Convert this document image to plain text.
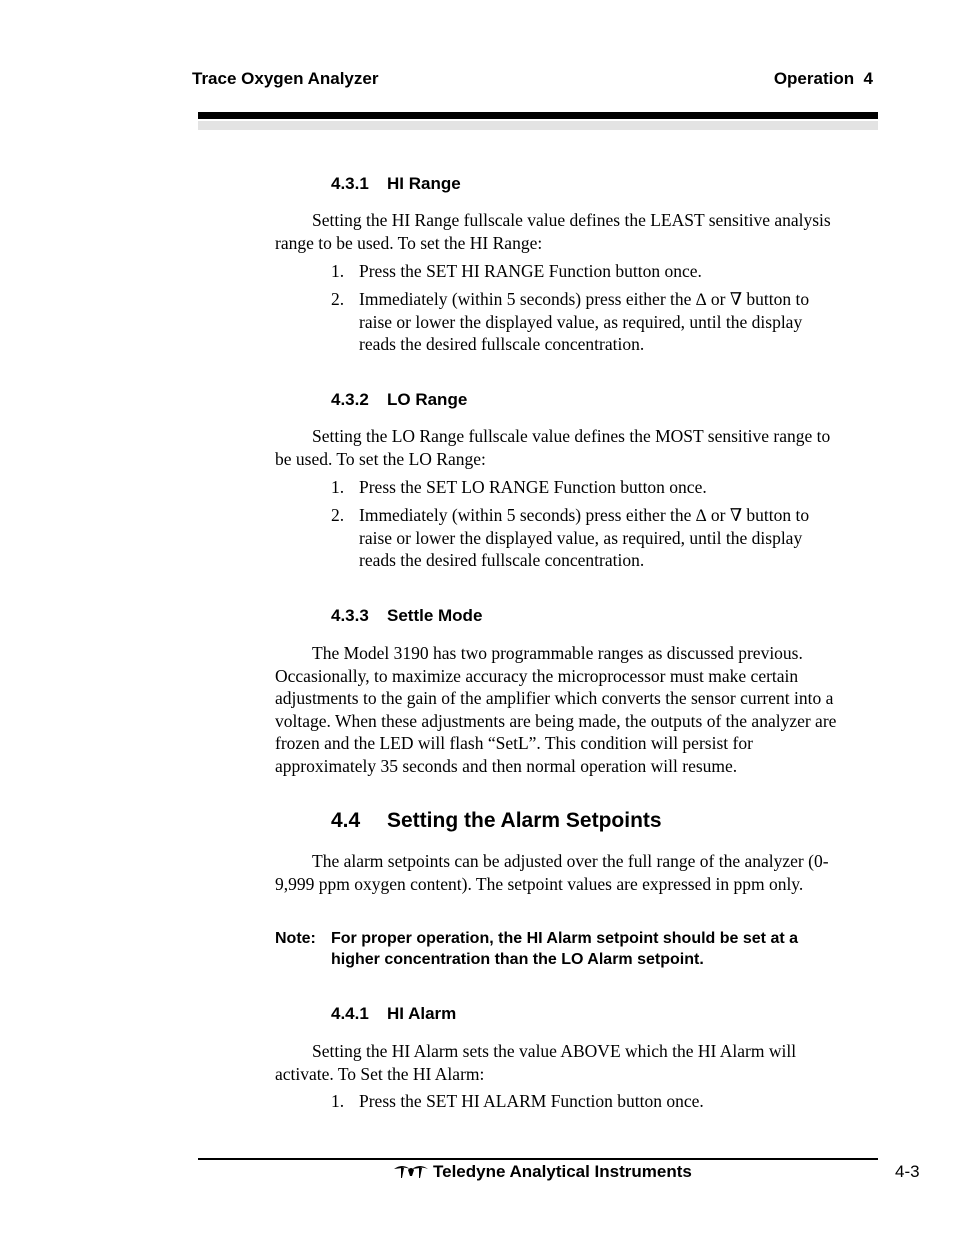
Trace Oxygen Analyzer	Operation  4
4.3.1 HI Range
Setting the HI Range fullscale value defines the LEAST sensitive analysis range to be used. To set the HI Range:
1. Press the SET HI RANGE Function button once.
2. Immediately (within 5 seconds) press either the ∆ or ∇ button to raise or lower the displayed value, as required, until the display reads the desired fullscale concentration.
4.3.2 LO Range
Setting the LO Range fullscale value defines the MOST sensitive range to be used. To set the LO Range:
1. Press the SET LO RANGE Function button once.
2. Immediately (within 5 seconds) press either the ∆ or ∇ button to raise or lower the displayed value, as required, until the display reads the desired fullscale concentration.
4.3.3 Settle Mode
The Model 3190 has two programmable ranges as discussed previous. Occasionally, to maximize accuracy the microprocessor must make certain adjustments to the gain of the amplifier which converts the sensor current into a voltage. When these adjustments are being made, the outputs of the analyzer are frozen and the LED will flash “SetL”. This condition will persist for approximately 35 seconds and then normal operation will resume.
4.4 Setting the Alarm Setpoints
The alarm setpoints can be adjusted over the full range of the analyzer (0-9,999 ppm oxygen content). The setpoint values are expressed in ppm only.
Note: For proper operation, the HI Alarm setpoint should be set at a higher concentration than the LO Alarm setpoint.
4.4.1 HI Alarm
Setting the HI Alarm sets the value ABOVE which the HI Alarm will activate. To Set the HI Alarm:
1. Press the SET HI ALARM Function button once.
Teledyne Analytical Instruments	4-3
